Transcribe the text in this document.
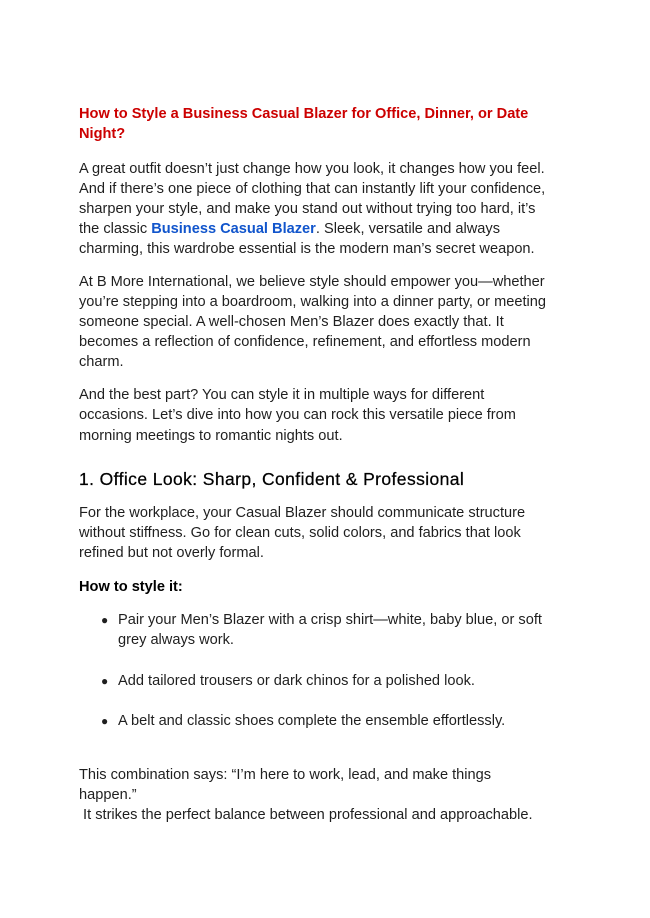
How to Style a Business Casual Blazer for Office, Dinner, or Date
Night?
A great outfit doesn’t just change how you look, it changes how you feel.
And if there’s one piece of clothing that can instantly lift your confidence,
sharpen your style, and make you stand out without trying too hard, it’s
the classic Business Casual Blazer. Sleek, versatile and always
charming, this wardrobe essential is the modern man’s secret weapon.
At B More International, we believe style should empower you—whether
you’re stepping into a boardroom, walking into a dinner party, or meeting
someone special. A well-chosen Men’s Blazer does exactly that. It
becomes a reflection of confidence, refinement, and effortless modern
charm.
And the best part? You can style it in multiple ways for different
occasions. Let’s dive into how you can rock this versatile piece from
morning meetings to romantic nights out.
1. Office Look: Sharp, Confident & Professional
For the workplace, your Casual Blazer should communicate structure
without stiffness. Go for clean cuts, solid colors, and fabrics that look
refined but not overly formal.
How to style it:
● Pair your Men’s Blazer with a crisp shirt—white, baby blue, or soft
grey always work.
● Add tailored trousers or dark chinos for a polished look.
● A belt and classic shoes complete the ensemble effortlessly.
This combination says: “I’m here to work, lead, and make things
happen.”
It strikes the perfect balance between professional and approachable.
